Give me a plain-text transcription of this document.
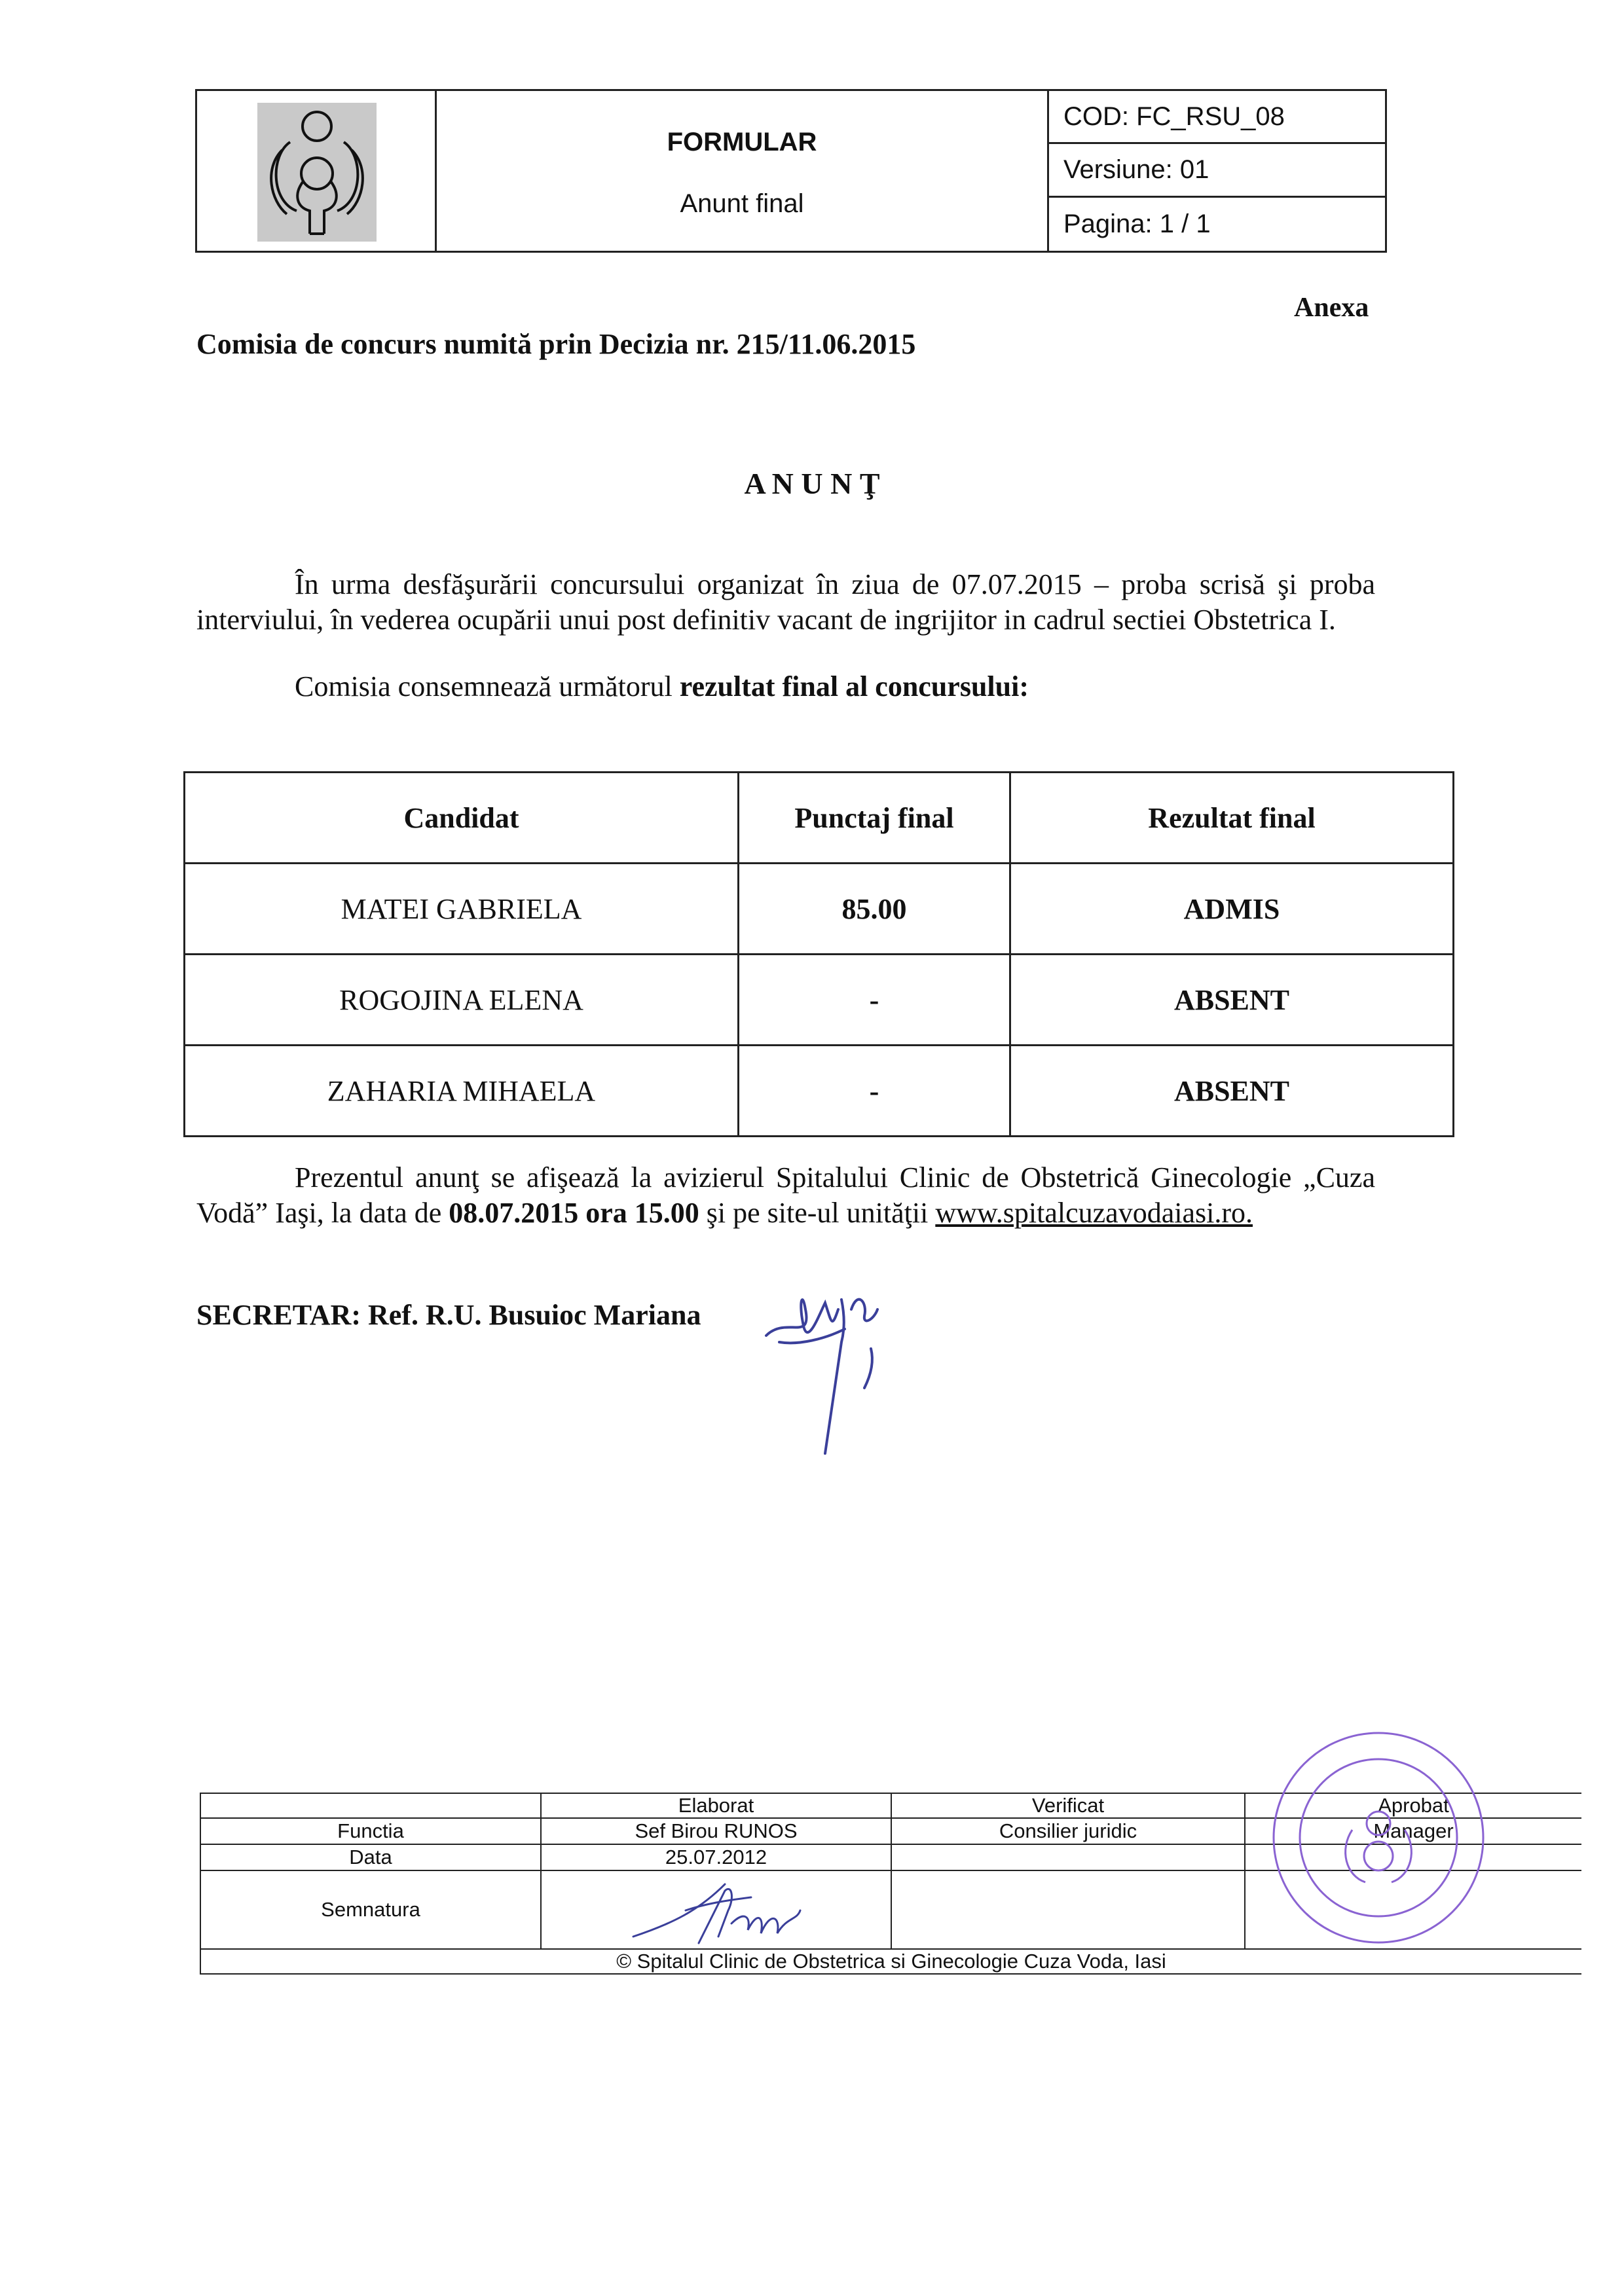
FORMULAR
Anunt final
COD: FC_RSU_08
Versiune: 01
Pagina: 1 / 1
Anexa
Comisia de concurs numită prin Decizia nr. 215/11.06.2015
A N U N Ţ
În urma desfăşurării concursului organizat în ziua de 07.07.2015 – proba scrisă şi proba interviului, în vederea ocupării unui post definitiv vacant de ingrijitor in cadrul sectiei Obstetrica I.
Comisia consemnează următorul rezultat final al concursului:
Candidat	Punctaj final	Rezultat final
MATEI GABRIELA	85.00	ADMIS
ROGOJINA ELENA	-	ABSENT
ZAHARIA MIHAELA	-	ABSENT
Prezentul anunţ se afişează la avizierul Spitalului Clinic de Obstetrică Ginecologie „Cuza Vodă” Iaşi, la data de 08.07.2015 ora 15.00 şi pe site-ul unităţii www.spitalcuzavodaiasi.ro.
SECRETAR: Ref. R.U. Busuioc Mariana
	Elaborat	Verificat	Aprobat
Functia	Sef Birou RUNOS	Consilier juridic	Manager
Data	25.07.2012		
Semnatura	

© Spitalul Clinic de Obstetrica si Ginecologie Cuza Voda, Iasi			
